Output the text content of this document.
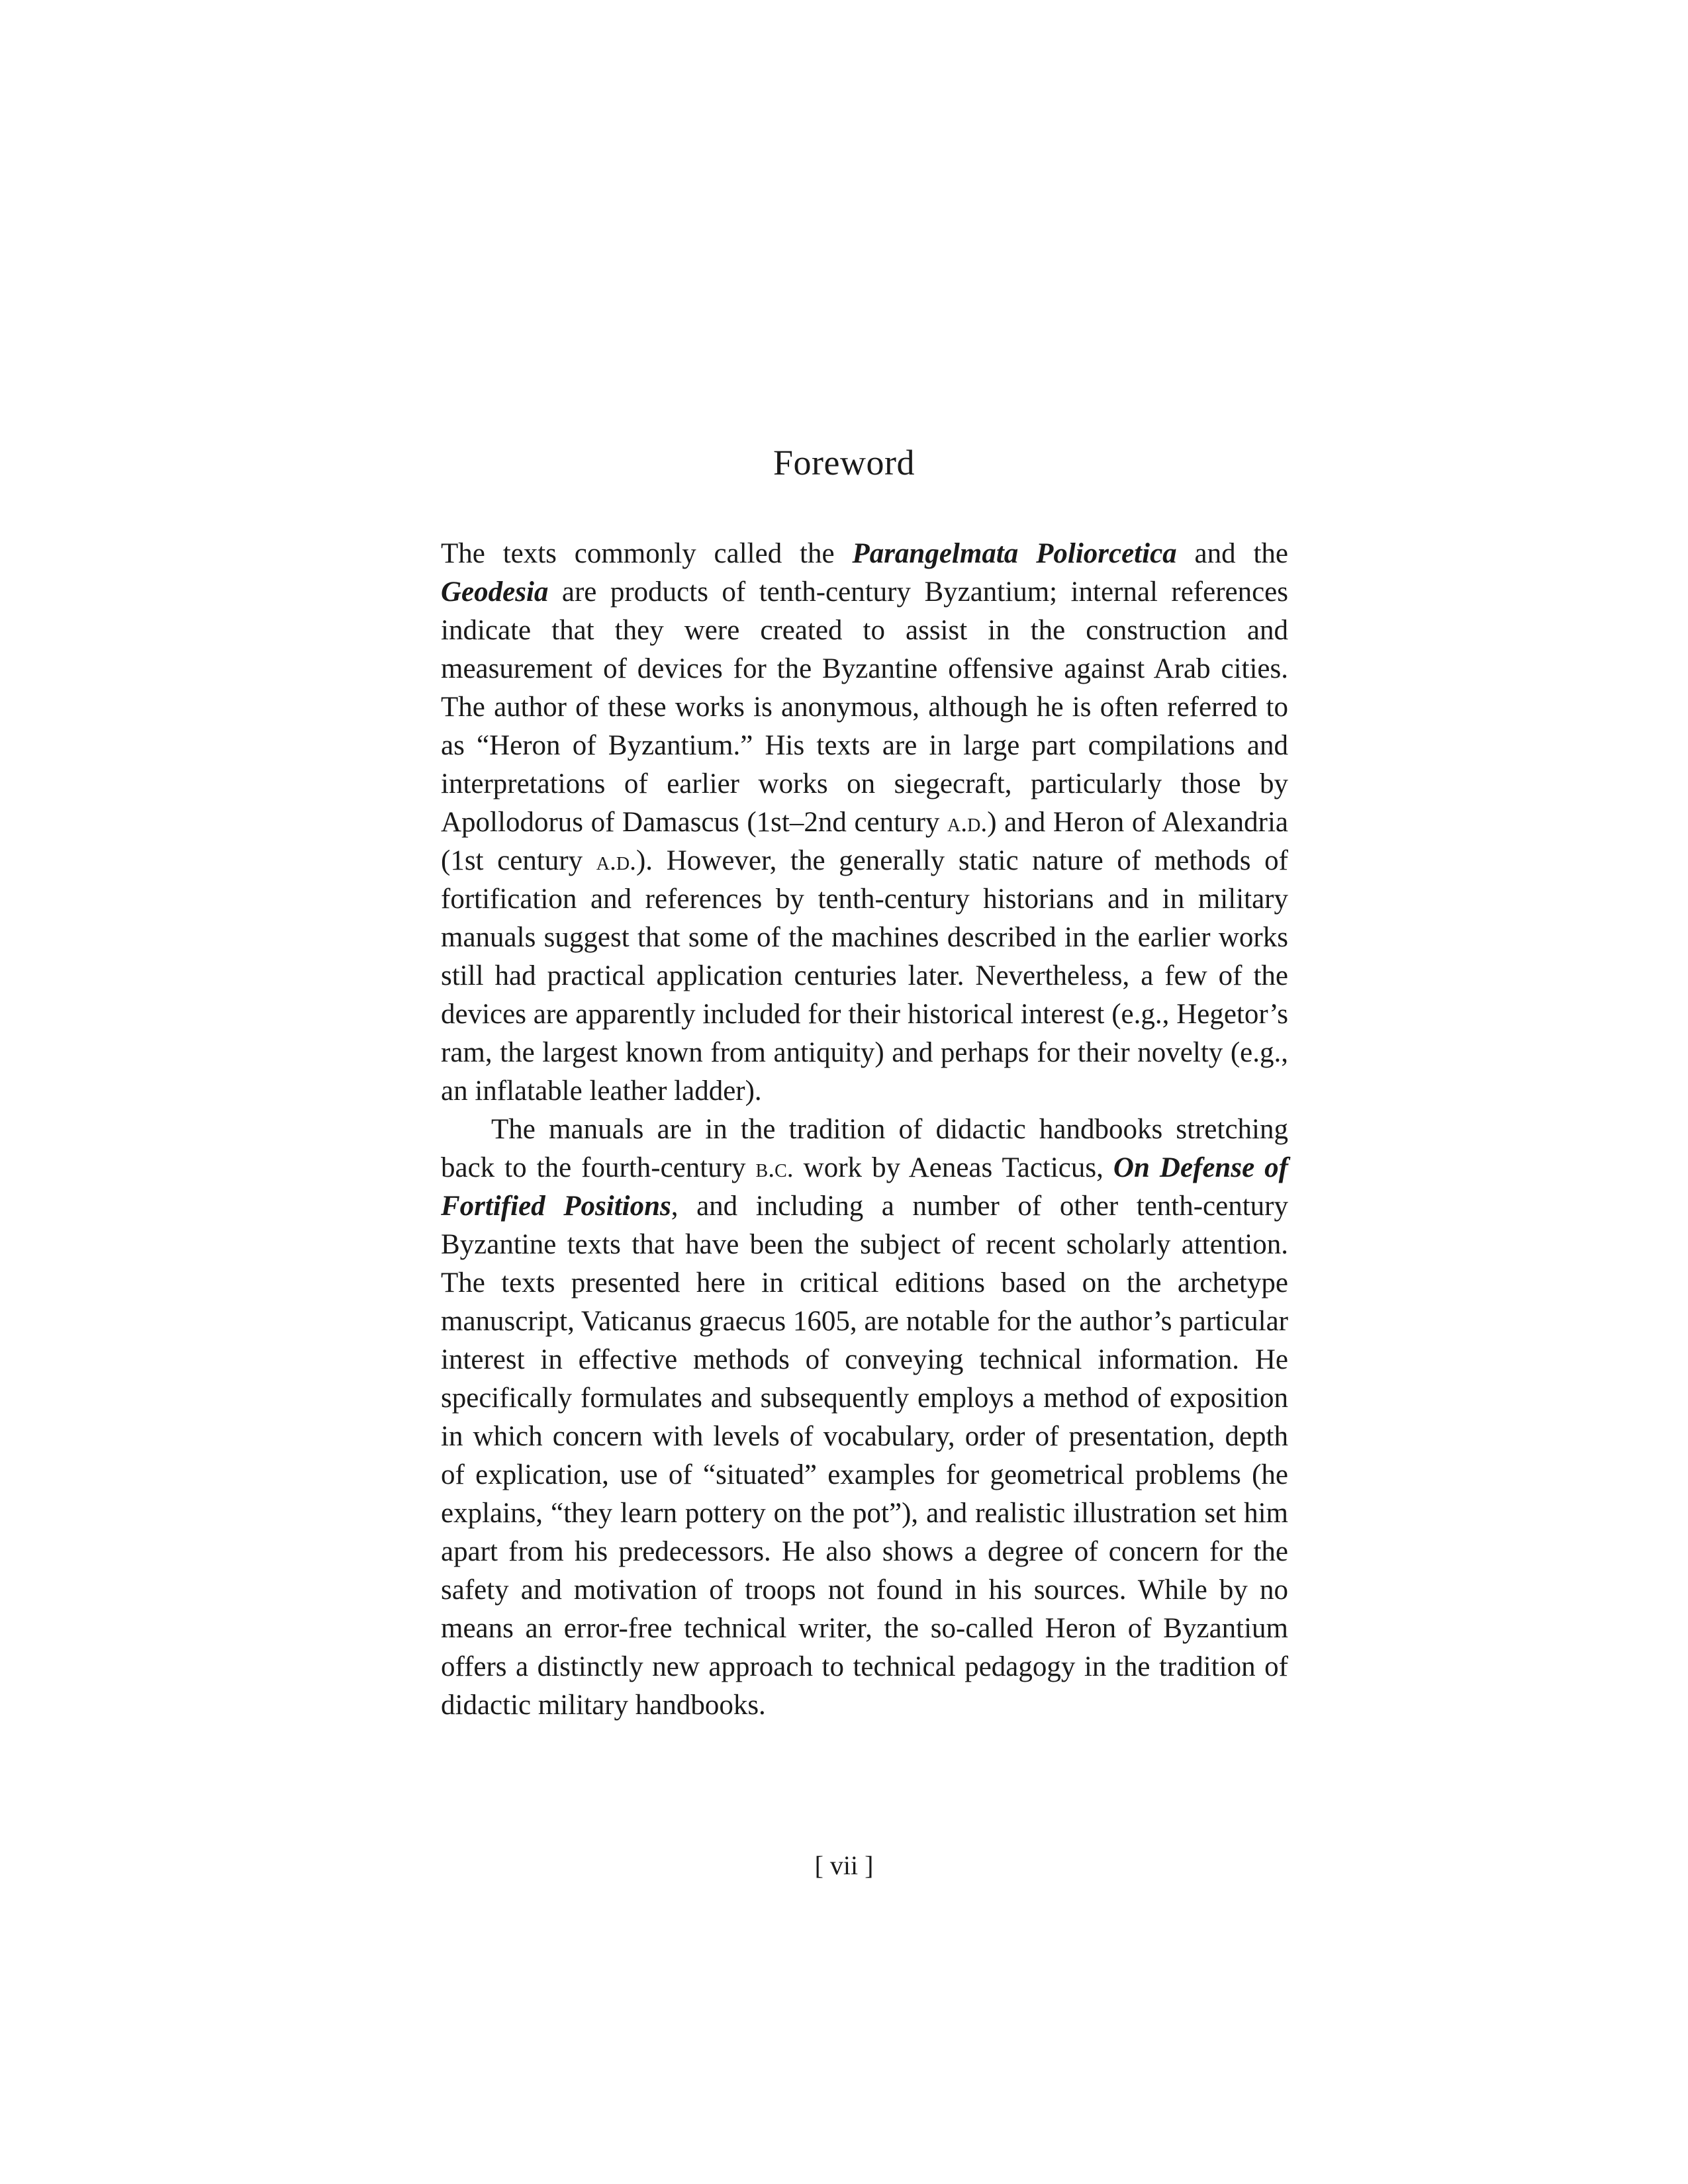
Foreword

The texts commonly called the Parangelmata Poliorcetica and the Geodesia are products of tenth-century Byzantium; internal references indicate that they were created to assist in the construction and measurement of devices for the Byzantine offensive against Arab cities. The author of these works is anonymous, although he is often referred to as “Heron of Byzantium.” His texts are in large part compilations and interpretations of earlier works on siegecraft, particularly those by Apollodorus of Damascus (1st–2nd century a.d.) and Heron of Alexandria (1st century a.d.). However, the generally static nature of methods of fortification and references by tenth-century historians and in military manuals suggest that some of the machines described in the earlier works still had practical application centuries later. Nevertheless, a few of the devices are apparently included for their historical interest (e.g., Hegetor’s ram, the largest known from antiquity) and perhaps for their novelty (e.g., an inflatable leather ladder).

The manuals are in the tradition of didactic handbooks stretching back to the fourth-century b.c. work by Aeneas Tacticus, On Defense of Fortified Positions, and including a number of other tenth-century Byzantine texts that have been the subject of recent scholarly attention. The texts presented here in critical editions based on the archetype manuscript, Vaticanus graecus 1605, are notable for the author’s particular interest in effective methods of conveying technical information. He specifically formulates and subsequently employs a method of exposition in which concern with levels of vocabulary, order of presentation, depth of explication, use of “situated” examples for geometrical problems (he explains, “they learn pottery on the pot”), and realistic illustration set him apart from his predecessors. He also shows a degree of concern for the safety and motivation of troops not found in his sources. While by no means an error-free technical writer, the so-called Heron of Byzantium offers a distinctly new approach to technical pedagogy in the tradition of didactic military handbooks.

[ vii ]
